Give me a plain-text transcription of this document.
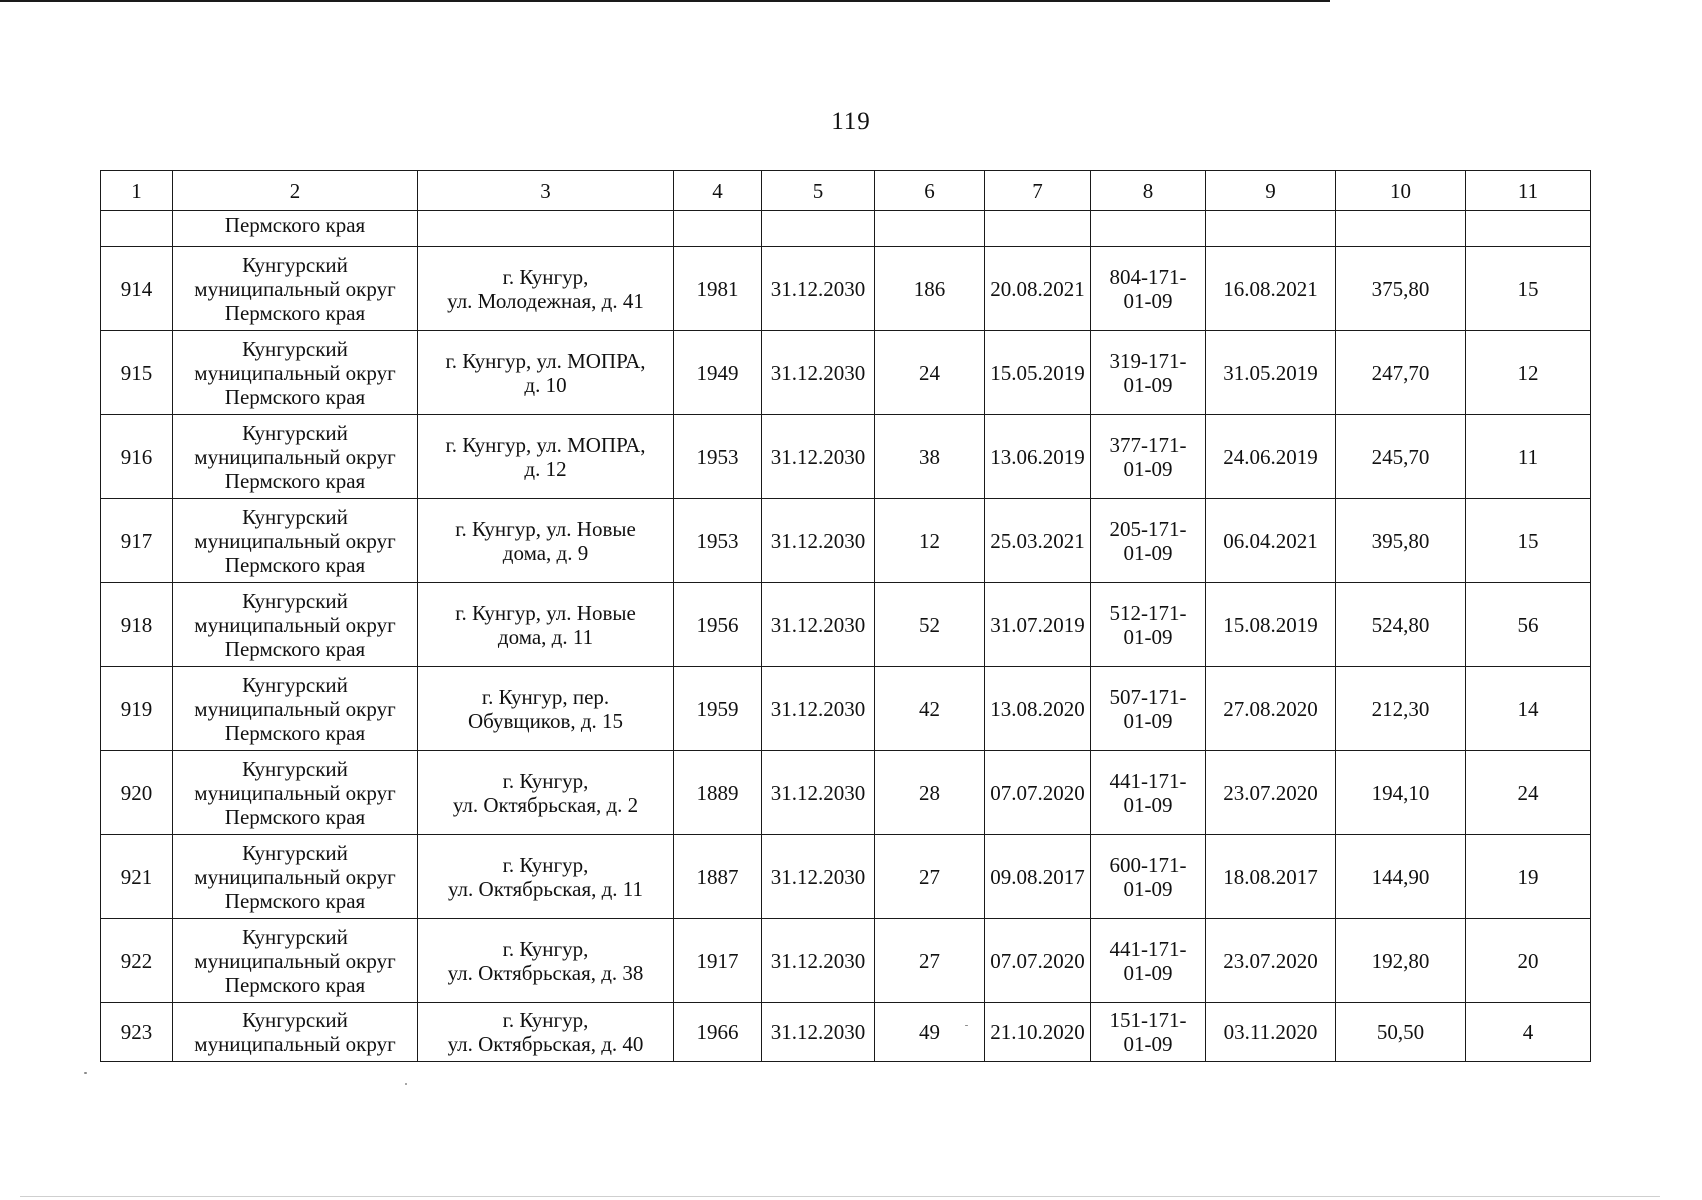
119
1	2	3	4	5	6	7	8	9	10	11
	Пермского края									
914	Кунгурский
муниципальный округ
Пермского края	г. Кунгур,
ул. Молодежная, д. 41	1981	31.12.2030	186	20.08.2021	804-171-
01-09	16.08.2021	375,80	15
915	Кунгурский
муниципальный округ
Пермского края	г. Кунгур, ул. МОПРА,
д. 10	1949	31.12.2030	24	15.05.2019	319-171-
01-09	31.05.2019	247,70	12
916	Кунгурский
муниципальный округ
Пермского края	г. Кунгур, ул. МОПРА,
д. 12	1953	31.12.2030	38	13.06.2019	377-171-
01-09	24.06.2019	245,70	11
917	Кунгурский
муниципальный округ
Пермского края	г. Кунгур, ул. Новые
дома, д. 9	1953	31.12.2030	12	25.03.2021	205-171-
01-09	06.04.2021	395,80	15
918	Кунгурский
муниципальный округ
Пермского края	г. Кунгур, ул. Новые
дома, д. 11	1956	31.12.2030	52	31.07.2019	512-171-
01-09	15.08.2019	524,80	56
919	Кунгурский
муниципальный округ
Пермского края	г. Кунгур, пер.
Обувщиков, д. 15	1959	31.12.2030	42	13.08.2020	507-171-
01-09	27.08.2020	212,30	14
920	Кунгурский
муниципальный округ
Пермского края	г. Кунгур,
ул. Октябрьская, д. 2	1889	31.12.2030	28	07.07.2020	441-171-
01-09	23.07.2020	194,10	24
921	Кунгурский
муниципальный округ
Пермского края	г. Кунгур,
ул. Октябрьская, д. 11	1887	31.12.2030	27	09.08.2017	600-171-
01-09	18.08.2017	144,90	19
922	Кунгурский
муниципальный округ
Пермского края	г. Кунгур,
ул. Октябрьская, д. 38	1917	31.12.2030	27	07.07.2020	441-171-
01-09	23.07.2020	192,80	20
923	Кунгурский
муниципальный округ	г. Кунгур,
ул. Октябрьская, д. 40	1966	31.12.2030	49	21.10.2020	151-171-
01-09	03.11.2020	50,50	4
